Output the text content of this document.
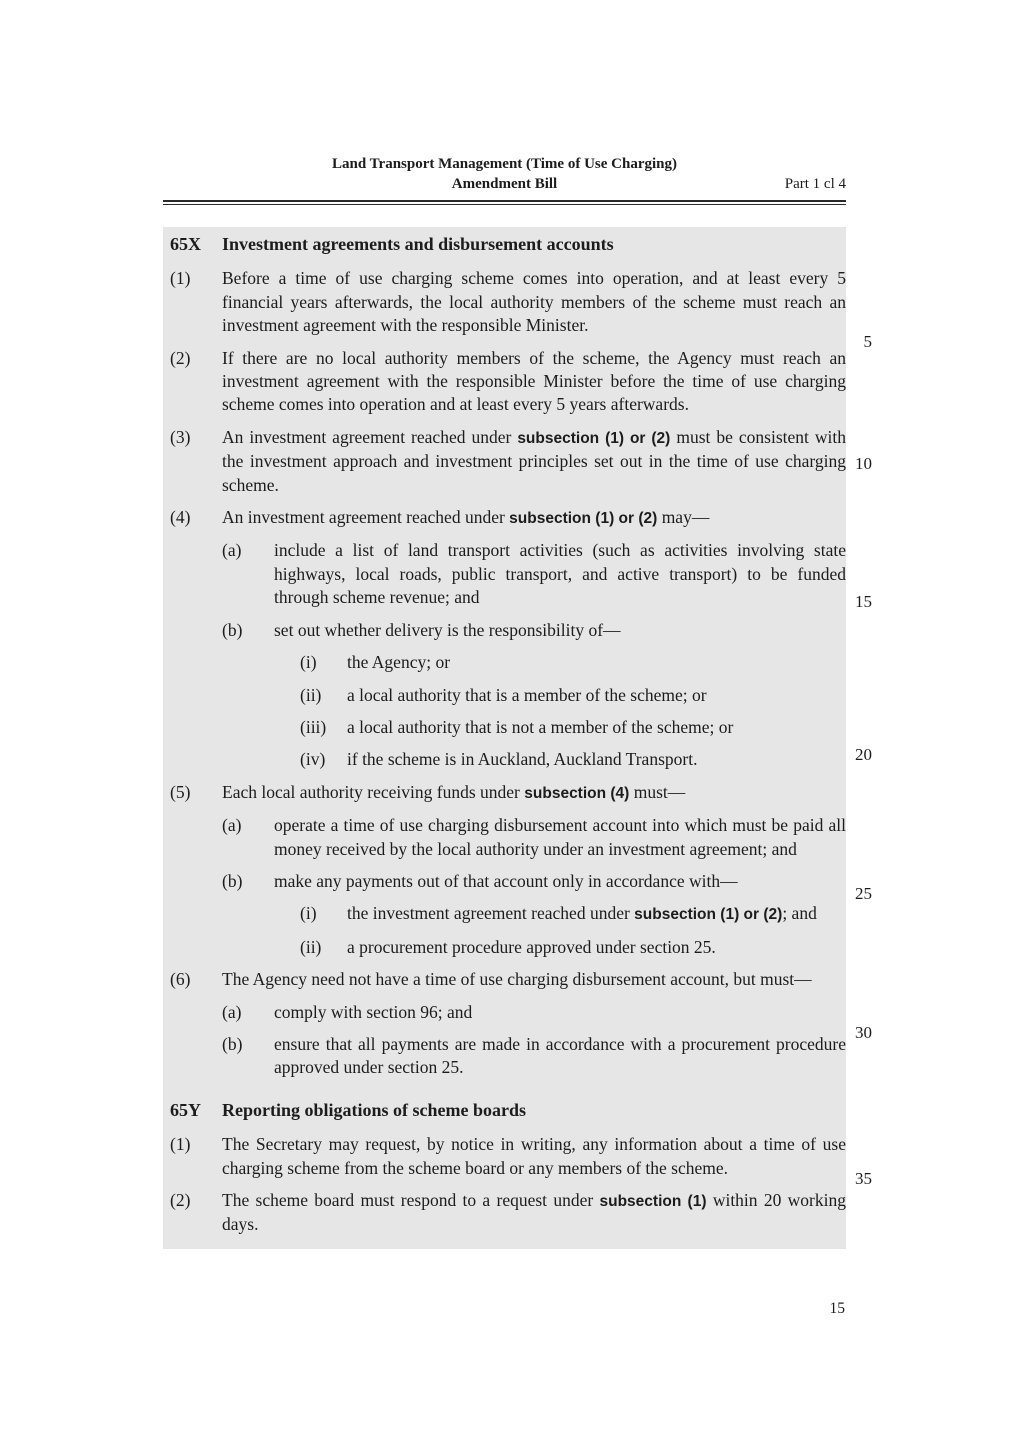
Land Transport Management (Time of Use Charging)
Amendment Bill	Part 1 cl 4
65X	Investment agreements and disbursement accounts
(1)	Before a time of use charging scheme comes into operation, and at least every 5 financial years afterwards, the local authority members of the scheme must reach an investment agreement with the responsible Minister.
(2)	If there are no local authority members of the scheme, the Agency must reach an investment agreement with the responsible Minister before the time of use charging scheme comes into operation and at least every 5 years afterwards.
(3)	An investment agreement reached under subsection (1) or (2) must be consistent with the investment approach and investment principles set out in the time of use charging scheme.
(4)	An investment agreement reached under subsection (1) or (2) may—
(a)	include a list of land transport activities (such as activities involving state highways, local roads, public transport, and active transport) to be funded through scheme revenue; and
(b)	set out whether delivery is the responsibility of—
(i)	the Agency; or
(ii)	a local authority that is a member of the scheme; or
(iii)	a local authority that is not a member of the scheme; or
(iv)	if the scheme is in Auckland, Auckland Transport.
(5)	Each local authority receiving funds under subsection (4) must—
(a)	operate a time of use charging disbursement account into which must be paid all money received by the local authority under an investment agreement; and
(b)	make any payments out of that account only in accordance with—
(i)	the investment agreement reached under subsection (1) or (2); and
(ii)	a procurement procedure approved under section 25.
(6)	The Agency need not have a time of use charging disbursement account, but must—
(a)	comply with section 96; and
(b)	ensure that all payments are made in accordance with a procurement procedure approved under section 25.
65Y	Reporting obligations of scheme boards
(1)	The Secretary may request, by notice in writing, any information about a time of use charging scheme from the scheme board or any members of the scheme.
(2)	The scheme board must respond to a request under subsection (1) within 20 working days.
5
10
15
20
25
30
35
15
